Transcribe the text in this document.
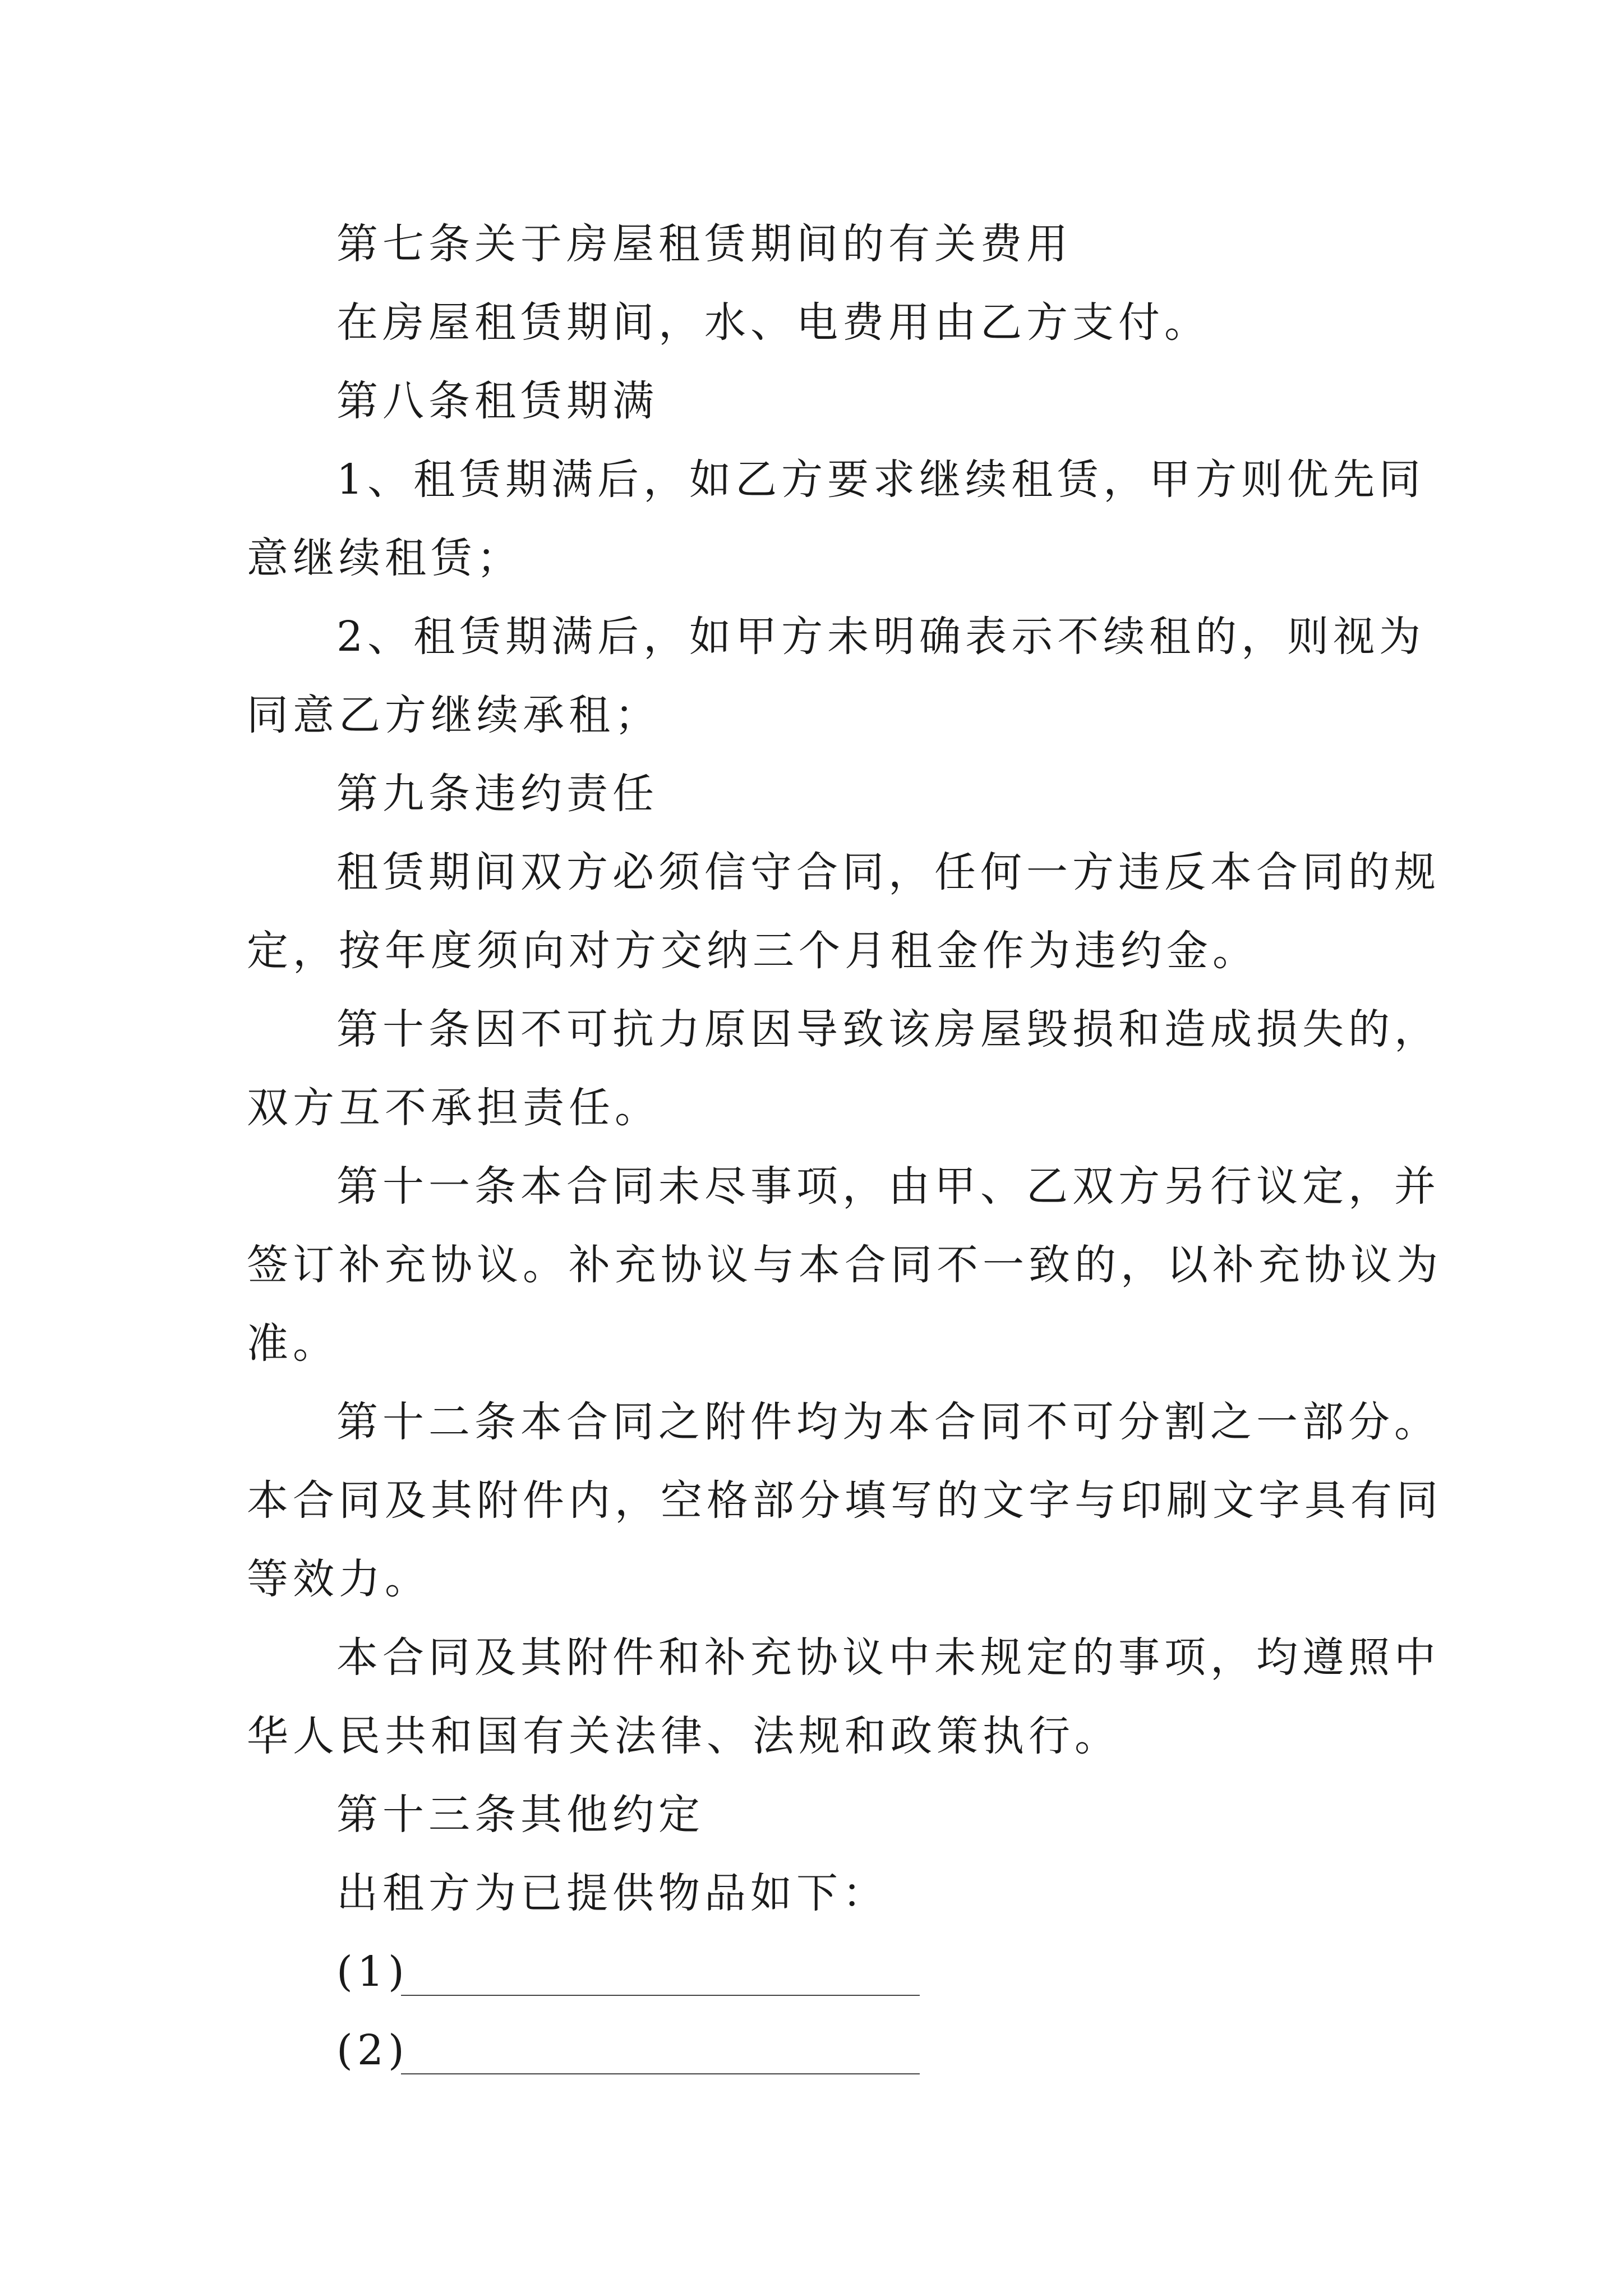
第七条关于房屋租赁期间的有关费用
在房屋租赁期间，水、电费用由乙方支付。
第八条租赁期满
1、租赁期满后，如乙方要求继续租赁，甲方则优先同
意继续租赁；
2、租赁期满后，如甲方未明确表示不续租的，则视为
同意乙方继续承租；
第九条违约责任
租赁期间双方必须信守合同，任何一方违反本合同的规
定，按年度须向对方交纳三个月租金作为违约金。
第十条因不可抗力原因导致该房屋毁损和造成损失的，
双方互不承担责任。
第十一条本合同未尽事项，由甲、乙双方另行议定，并
签订补充协议。补充协议与本合同不一致的，以补充协议为
准。
第十二条本合同之附件均为本合同不可分割之一部分。
本合同及其附件内，空格部分填写的文字与印刷文字具有同
等效力。
本合同及其附件和补充协议中未规定的事项，均遵照中
华人民共和国有关法律、法规和政策执行。
第十三条其他约定
出租方为已提供物品如下：
(1)
(2)
